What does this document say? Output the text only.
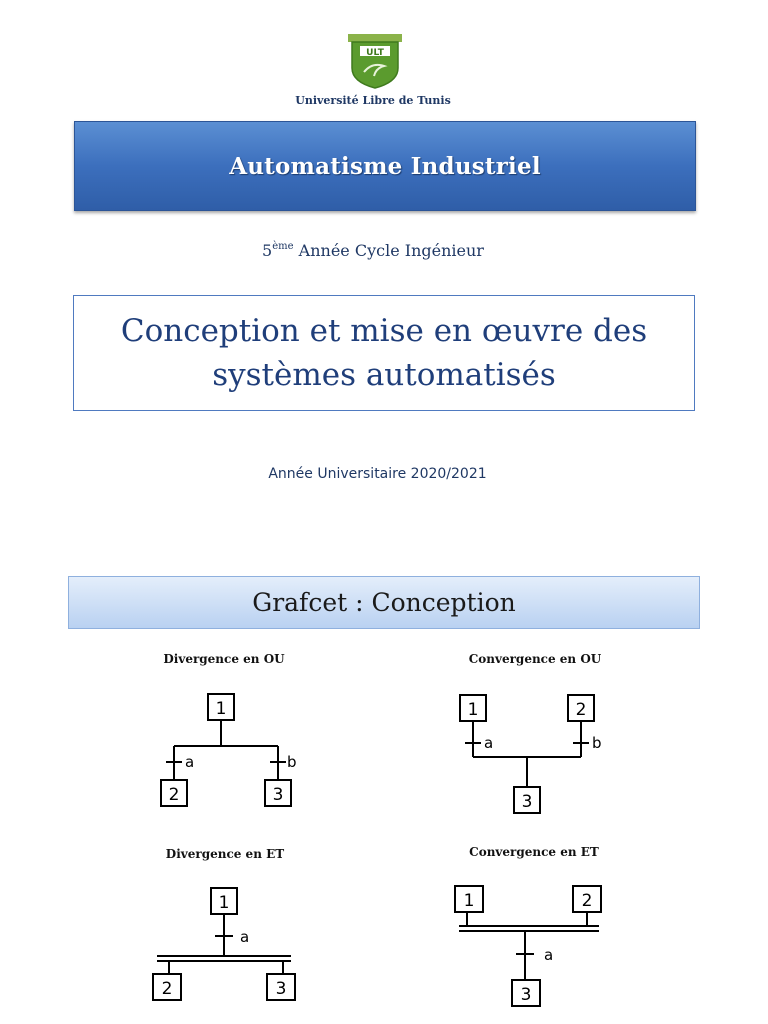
ULT
Université Libre de Tunis
Automatisme Industriel
5ème Année Cycle Ingénieur
Conception et mise en œuvre des
systèmes automatisés
Année Universitaire 2020/2021
Grafcet : Conception
Divergence en OU
1
a	b
2	3
Convergence en OU
1	2
a	b
3
Divergence en ET
1
a
2	3
Convergence en ET
1	2
a
3
